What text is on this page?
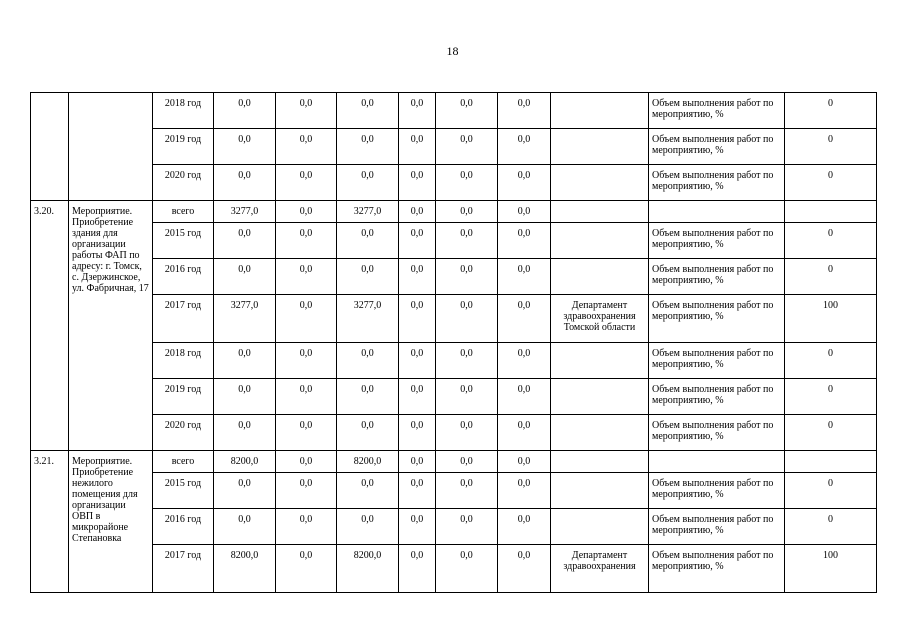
18
		2018 год	0,0	0,0	0,0	0,0	0,0	0,0		Объем выполнения работ по мероприятию, %	0
		2019 год	0,0	0,0	0,0	0,0	0,0	0,0		Объем выполнения работ по мероприятию, %	0
		2020 год	0,0	0,0	0,0	0,0	0,0	0,0		Объем выполнения работ по мероприятию, %	0
3.20.	Мероприятие. Приобретение здания для организации работы ФАП по адресу: г. Томск, с. Дзержинское, ул. Фабричная, 17	всего	3277,0	0,0	3277,0	0,0	0,0	0,0			
		2015 год	0,0	0,0	0,0	0,0	0,0	0,0		Объем выполнения работ по мероприятию, %	0
		2016 год	0,0	0,0	0,0	0,0	0,0	0,0		Объем выполнения работ по мероприятию, %	0
		2017 год	3277,0	0,0	3277,0	0,0	0,0	0,0	Департамент здравоохранения Томской области	Объем выполнения работ по мероприятию, %	100
		2018 год	0,0	0,0	0,0	0,0	0,0	0,0		Объем выполнения работ по мероприятию, %	0
		2019 год	0,0	0,0	0,0	0,0	0,0	0,0		Объем выполнения работ по мероприятию, %	0
		2020 год	0,0	0,0	0,0	0,0	0,0	0,0		Объем выполнения работ по мероприятию, %	0
3.21.	Мероприятие. Приобретение нежилого помещения для организации ОВП в микрорайоне Степановка	всего	8200,0	0,0	8200,0	0,0	0,0	0,0			
		2015 год	0,0	0,0	0,0	0,0	0,0	0,0		Объем выполнения работ по мероприятию, %	0
		2016 год	0,0	0,0	0,0	0,0	0,0	0,0		Объем выполнения работ по мероприятию, %	0
		2017 год	8200,0	0,0	8200,0	0,0	0,0	0,0	Департамент здравоохранения	Объем выполнения работ по мероприятию, %	100
